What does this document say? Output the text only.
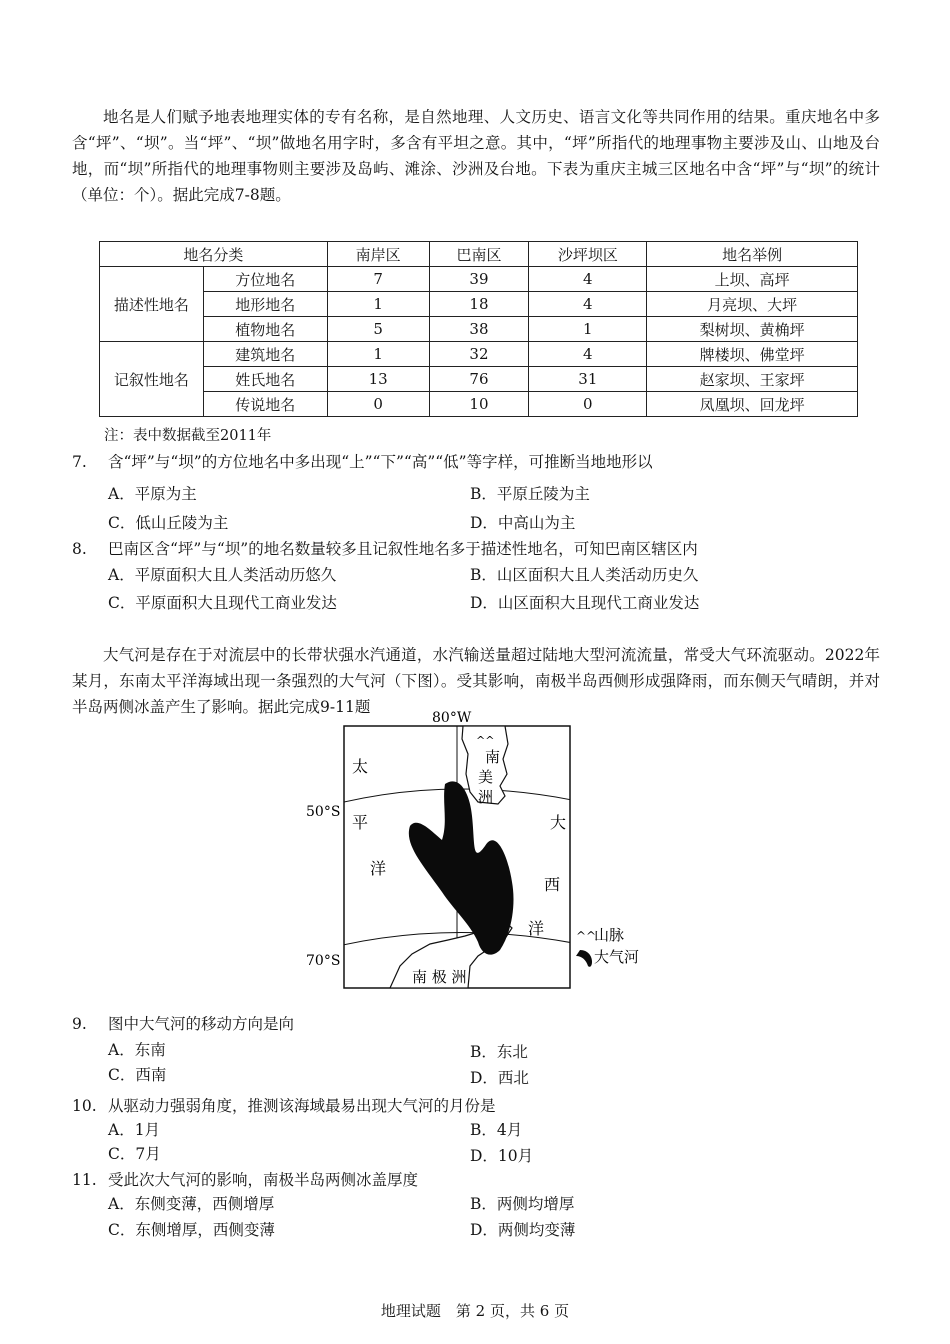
地名是人们赋予地表地理实体的专有名称，是自然地理、人文历史、语言文化等共同作用的结果。重庆地名中多含“坪”、“坝”。当“坪”、“坝”做地名用字时，多含有平坦之意。其中，“坪”所指代的地理事物主要涉及山、山地及台地，而“坝”所指代的地理事物则主要涉及岛屿、滩涂、沙洲及台地。下表为重庆主城三区地名中含“坪”与“坝”的统计（单位：个）。据此完成7-8题。
地名分类		南岸区	巴南区	沙坪坝区	地名举例
描述性地名	方位地名	7	39	4	上坝、高坪
	地形地名	1	18	4	月亮坝、大坪
	植物地名	5	38	1	梨树坝、黄桷坪
记叙性地名	建筑地名	1	32	4	牌楼坝、佛堂坪
	姓氏地名	13	76	31	赵家坝、王家坪
	传说地名	0	10	0	凤凰坝、回龙坪
注：表中数据截至2011年
7. 含“坪”与“坝”的方位地名中多出现“上”“下”“高”“低”等字样，可推断当地地形以
A．平原为主	B．平原丘陵为主
C．低山丘陵为主	D．中高山为主
8. 巴南区含“坪”与“坝”的地名数量较多且记叙性地名多于描述性地名，可知巴南区辖区内
A．平原面积大且人类活动历悠久	B．山区面积大且人类活动历史久
C．平原面积大且现代工商业发达	D．山区面积大且现代工商业发达
大气河是存在于对流层中的长带状强水汽通道，水汽输送量超过陆地大型河流流量，常受大气环流驱动。2022年某月，东南太平洋海域出现一条强烈的大气河（下图）。受其影响，南极半岛西侧形成强降雨，而东侧天气晴朗，并对半岛两侧冰盖产生了影响。据此完成9-11题
80°W
50°S
70°S
太
平
洋
大
西
洋
南
美
洲
南 极 洲
^^
^^
山脉
大气河
9. 图中大气河的移动方向是向
A．东南	B．东北
C．西南	D．西北
10. 从驱动力强弱角度，推测该海域最易出现大气河的月份是
A．1月	B．4月
C．7月	D．10月
11. 受此次大气河的影响，南极半岛两侧冰盖厚度
A．东侧变薄，西侧增厚	B．两侧均增厚
C．东侧增厚，西侧变薄	D．两侧均变薄
地理试题　第 2 页，共 6 页
